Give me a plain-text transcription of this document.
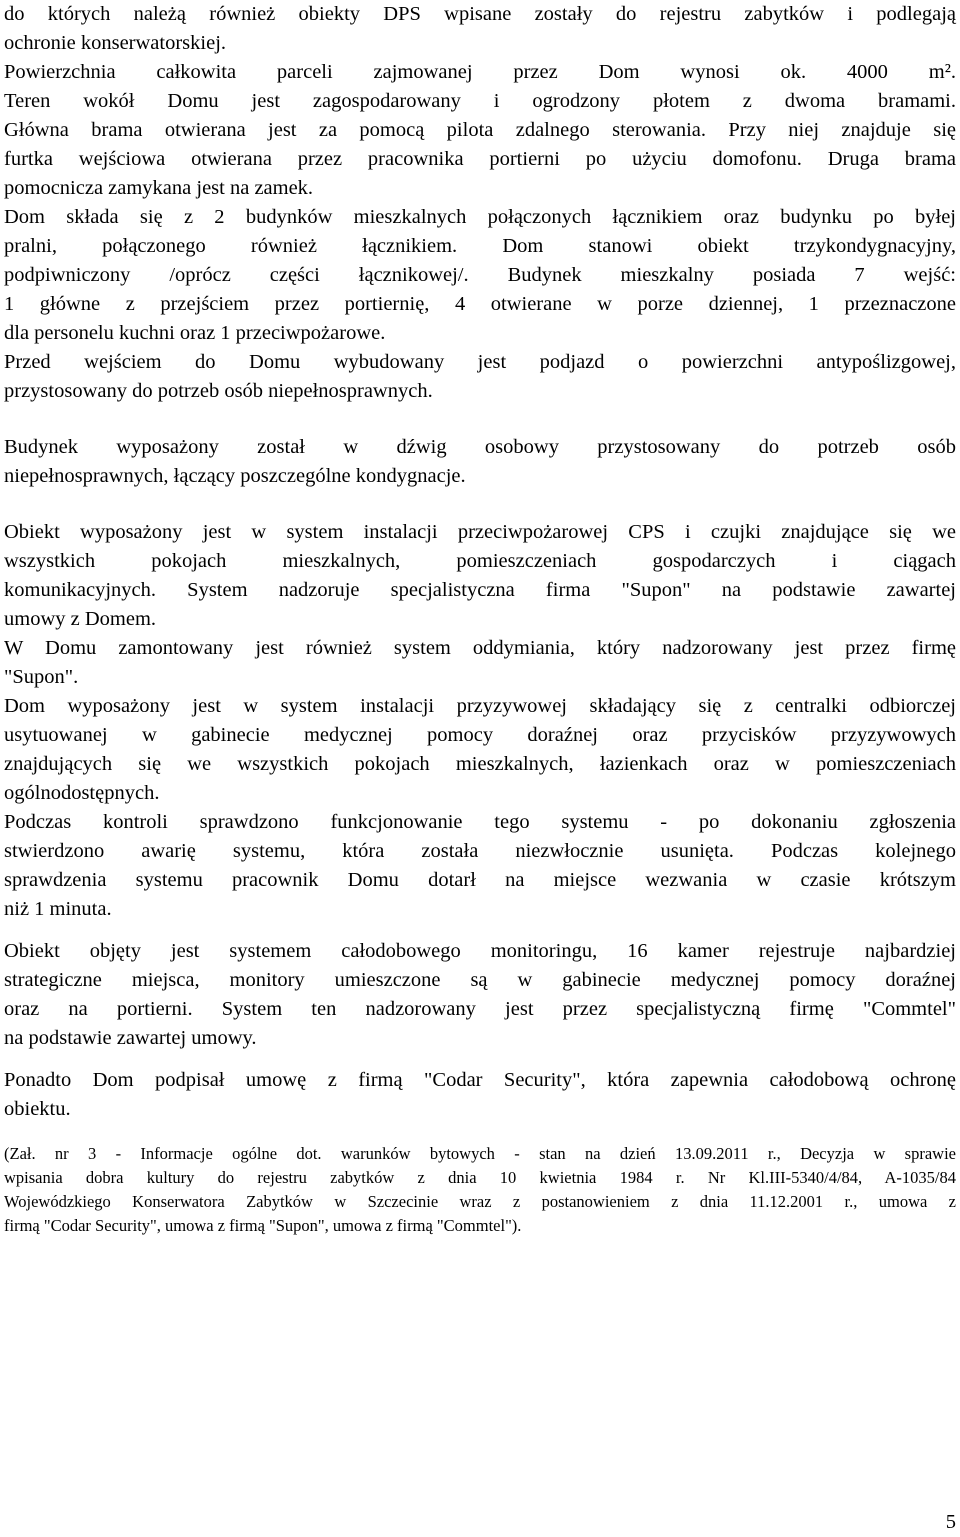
do których należą również obiekty DPS wpisane zostały do rejestru zabytków i podlegają
ochronie konserwatorskiej.
Powierzchnia całkowita parceli zajmowanej przez Dom wynosi ok. 4000 m².
Teren wokół Domu jest zagospodarowany i ogrodzony płotem z dwoma bramami.
Główna brama otwierana jest za pomocą pilota zdalnego sterowania. Przy niej znajduje się
furtka wejściowa otwierana przez pracownika portierni po użyciu domofonu. Druga brama
pomocnicza zamykana jest na zamek.
Dom składa się z 2 budynków mieszkalnych połączonych łącznikiem oraz budynku po byłej
pralni, połączonego również łącznikiem. Dom stanowi obiekt trzykondygnacyjny,
podpiwniczony /oprócz części łącznikowej/. Budynek mieszkalny posiada 7 wejść:
1 główne z przejściem przez portiernię, 4 otwierane w porze dziennej, 1 przeznaczone
dla personelu kuchni oraz 1 przeciwpożarowe.
Przed wejściem do Domu wybudowany jest podjazd o powierzchni antypoślizgowej,
przystosowany do potrzeb osób niepełnosprawnych.
Budynek wyposażony został w dźwig osobowy przystosowany do potrzeb osób
niepełnosprawnych, łączący poszczególne kondygnacje.
Obiekt wyposażony jest w system instalacji przeciwpożarowej CPS i czujki znajdujące się we
wszystkich pokojach mieszkalnych, pomieszczeniach gospodarczych i ciągach
komunikacyjnych. System nadzoruje specjalistyczna firma "Supon" na podstawie zawartej
umowy z Domem.
W Domu zamontowany jest również system oddymiania, który nadzorowany jest przez firmę
"Supon".
Dom wyposażony jest w system instalacji przyzywowej składający się z centralki odbiorczej
usytuowanej w gabinecie medycznej pomocy doraźnej oraz przycisków przyzywowych
znajdujących się we wszystkich pokojach mieszkalnych, łazienkach oraz w pomieszczeniach
ogólnodostępnych.
Podczas kontroli sprawdzono funkcjonowanie tego systemu - po dokonaniu zgłoszenia
stwierdzono awarię systemu, która została niezwłocznie usunięta. Podczas kolejnego
sprawdzenia systemu pracownik Domu dotarł na miejsce wezwania w czasie krótszym
niż 1 minuta.
Obiekt objęty jest systemem całodobowego monitoringu, 16 kamer rejestruje najbardziej
strategiczne miejsca, monitory umieszczone są w gabinecie medycznej pomocy doraźnej
oraz na portierni. System ten nadzorowany jest przez specjalistyczną firmę "Commtel"
na podstawie zawartej umowy.
Ponadto Dom podpisał umowę z firmą "Codar Security", która zapewnia całodobową ochronę
obiektu.
(Zał. nr 3 - Informacje ogólne dot. warunków bytowych - stan na dzień 13.09.2011 r., Decyzja w sprawie
wpisania dobra kultury do rejestru zabytków z dnia 10 kwietnia 1984 r. Nr Kl.III-5340/4/84, A-1035/84
Wojewódzkiego Konserwatora Zabytków w Szczecinie wraz z postanowieniem z dnia 11.12.2001 r., umowa z
firmą "Codar Security", umowa z firmą "Supon", umowa z firmą "Commtel").
5
